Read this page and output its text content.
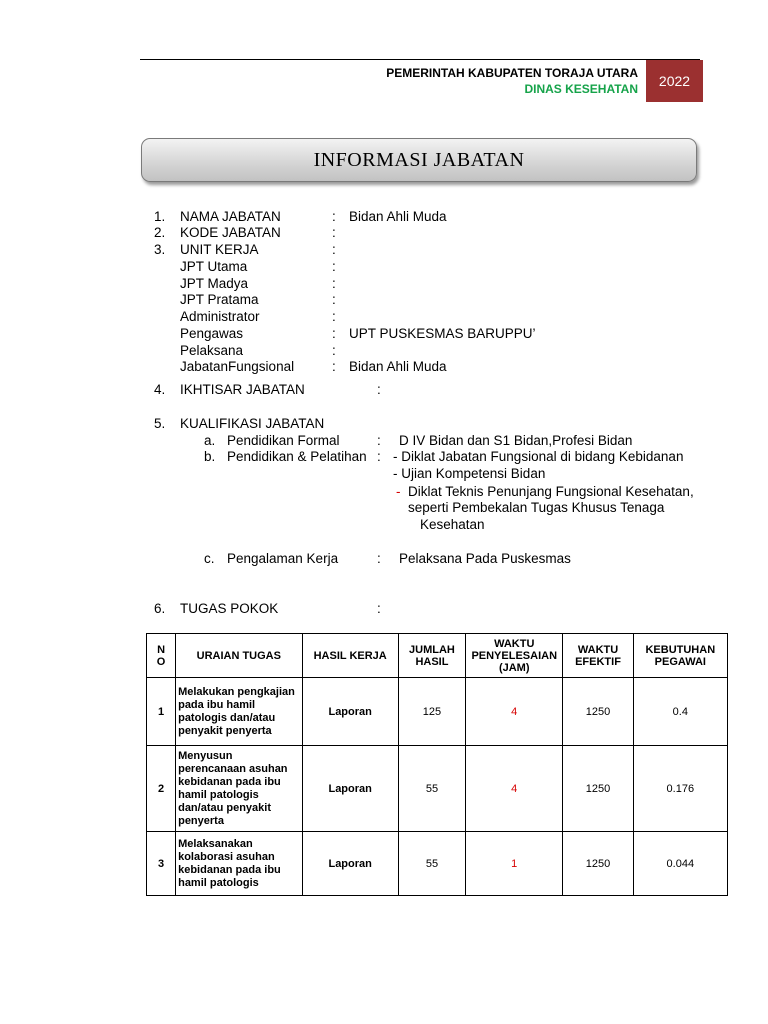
PEMERINTAH KABUPATEN TORAJA UTARA
DINAS KESEHATAN	2022
INFORMASI JABATAN
1. NAMA JABATAN	: Bidan Ahli Muda
2. KODE JABATAN	:
3. UNIT KERJA	:
JPT Utama	:
JPT Madya	:
JPT Pratama	:
Administrator	:
Pengawas	: UPT PUSKESMAS BARUPPU’
Pelaksana	:
JabatanFungsional	: Bidan Ahli Muda
4. IKHTISAR JABATAN	:
5. KUALIFIKASI JABATAN
a. Pendidikan Formal	: D IV Bidan dan S1 Bidan,Profesi Bidan
b. Pendidikan & Pelatihan : - Diklat Jabatan Fungsional di bidang Kebidanan
- Ujian Kompetensi Bidan
- Diklat Teknis Penunjang Fungsional Kesehatan,
seperti Pembekalan Tugas Khusus Tenaga
Kesehatan
c. Pengalaman Kerja	: Pelaksana Pada Puskesmas
6. TUGAS POKOK	:
N
O	URAIAN TUGAS	HASIL KERJA	JUMLAH HASIL	WAKTU PENYELESAIAN (JAM)	WAKTU EFEKTIF	KEBUTUHAN PEGAWAI
1	Melakukan pengkajian pada ibu hamil patologis dan/atau penyakit penyerta	Laporan	125	4	1250	0.4
2	Menyusun perencanaan asuhan kebidanan pada ibu hamil patologis dan/atau penyakit penyerta	Laporan	55	4	1250	0.176
3	Melaksanakan kolaborasi asuhan kebidanan pada ibu hamil patologis	Laporan	55	1	1250	0.044
